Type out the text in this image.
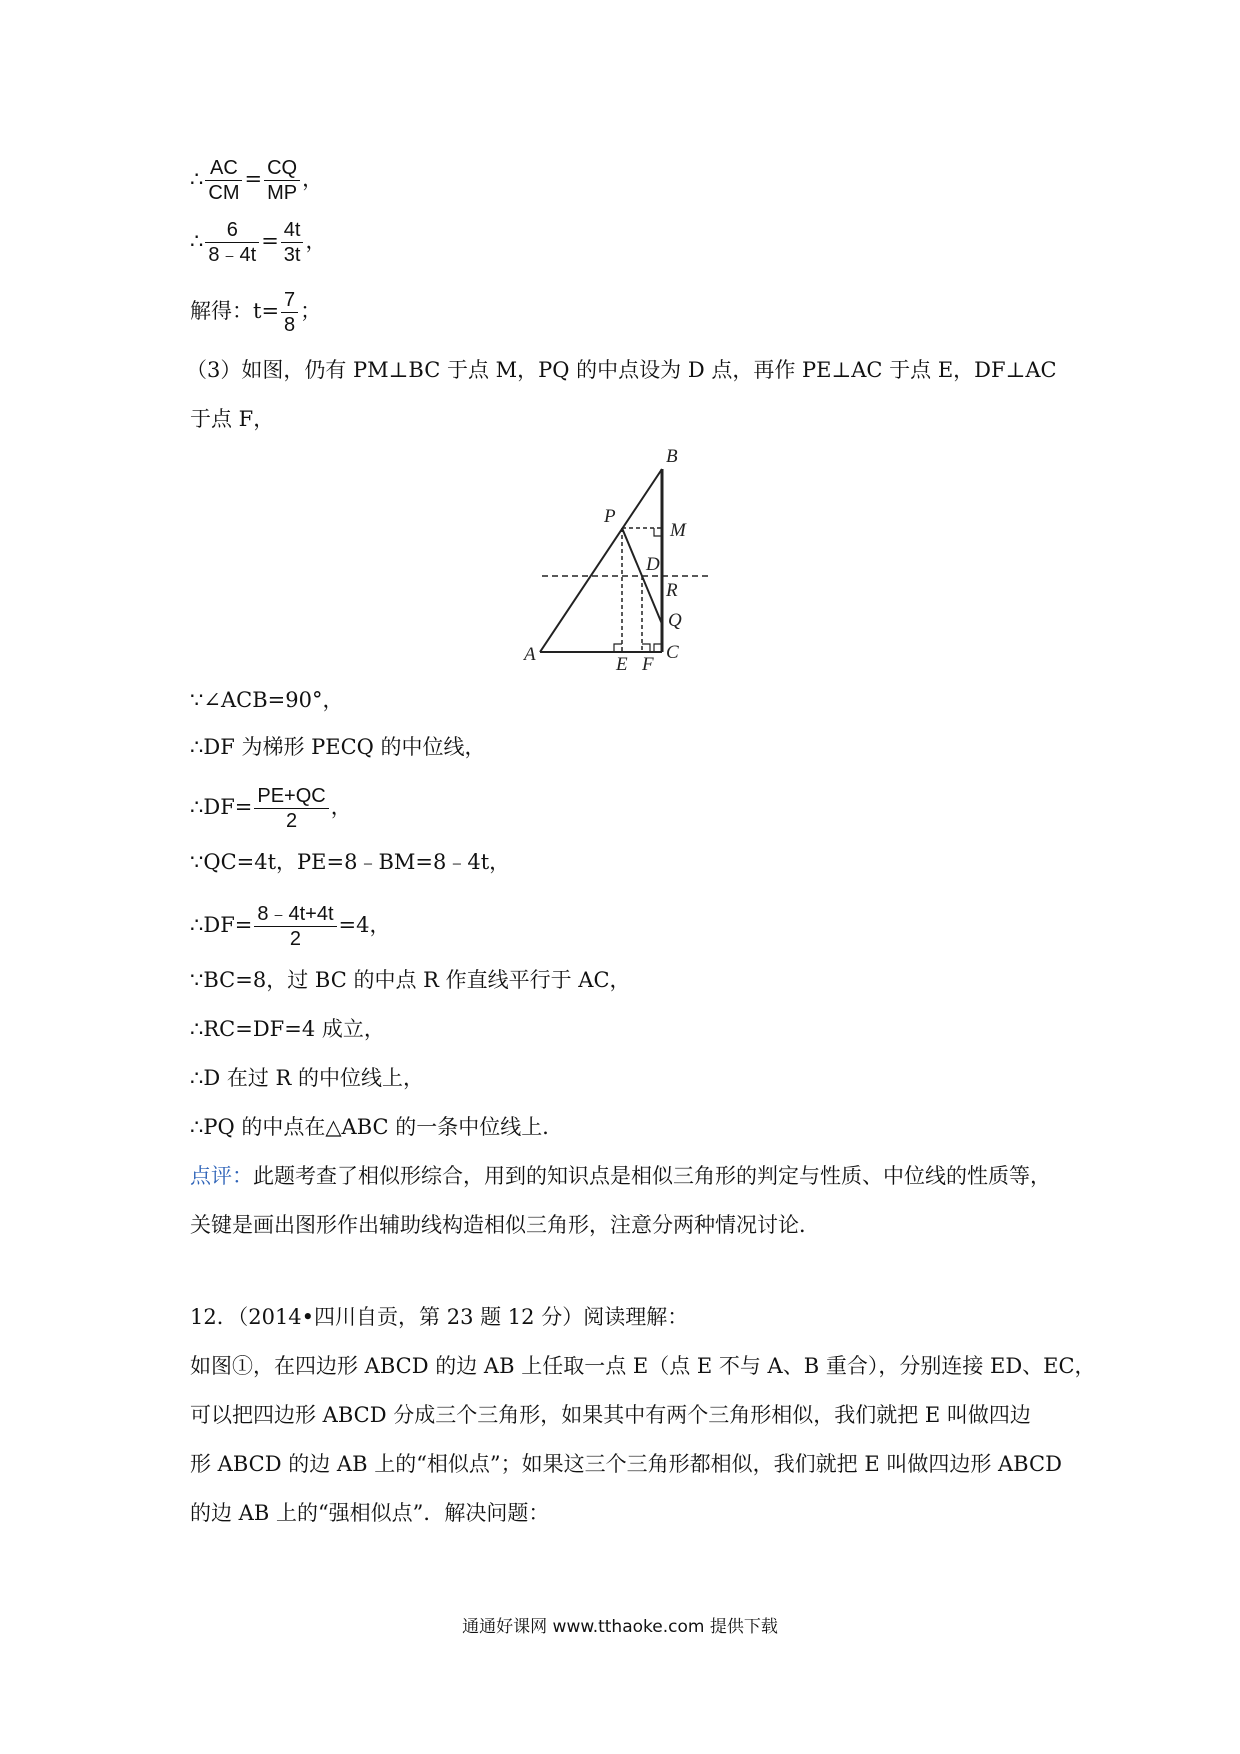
∴ $\frac{AC}{CM} = \frac{CQ}{MP}$ ，
∴ $\frac{6}{8﹣4t} = \frac{4t}{3t}$ ，
解得：$t= \frac{7}{8}$ ；
（3）如图，仍有 PM⊥BC 于点 M，PQ 的中点设为 D 点，再作 PE⊥AC 于点 E，DF⊥AC
于点 F，
B
P
M
D
R
Q
A	C
E F
∵∠ACB=90°，
∴DF 为梯形 PECQ 的中位线，
∴DF= $\frac{PE+QC}{2}$ ，
∵QC=4t，PE=8﹣BM=8﹣4t，
∴DF= $\frac{8﹣4t+4t}{2} =4$，
∵BC=8，过 BC 的中点 R 作直线平行于 AC，
∴RC=DF=4 成立，
∴D 在过 R 的中位线上，
∴PQ 的中点在△ABC 的一条中位线上．
点评：此题考查了相似形综合，用到的知识点是相似三角形的判定与性质、中位线的性质等，
关键是画出图形作出辅助线构造相似三角形，注意分两种情况讨论．
12．（2014•四川自贡，第 23 题 12 分）阅读理解：
如图①，在四边形 ABCD 的边 AB 上任取一点 E（点 E 不与 A、B 重合），分别连接 ED、EC，
可以把四边形 ABCD 分成三个三角形，如果其中有两个三角形相似，我们就把 E 叫做四边
形 ABCD 的边 AB 上的“相似点”；如果这三个三角形都相似，我们就把 E 叫做四边形 ABCD
的边 AB 上的“强相似点”．解决问题：
通通好课网 www.tthaoke.com 提供下载
